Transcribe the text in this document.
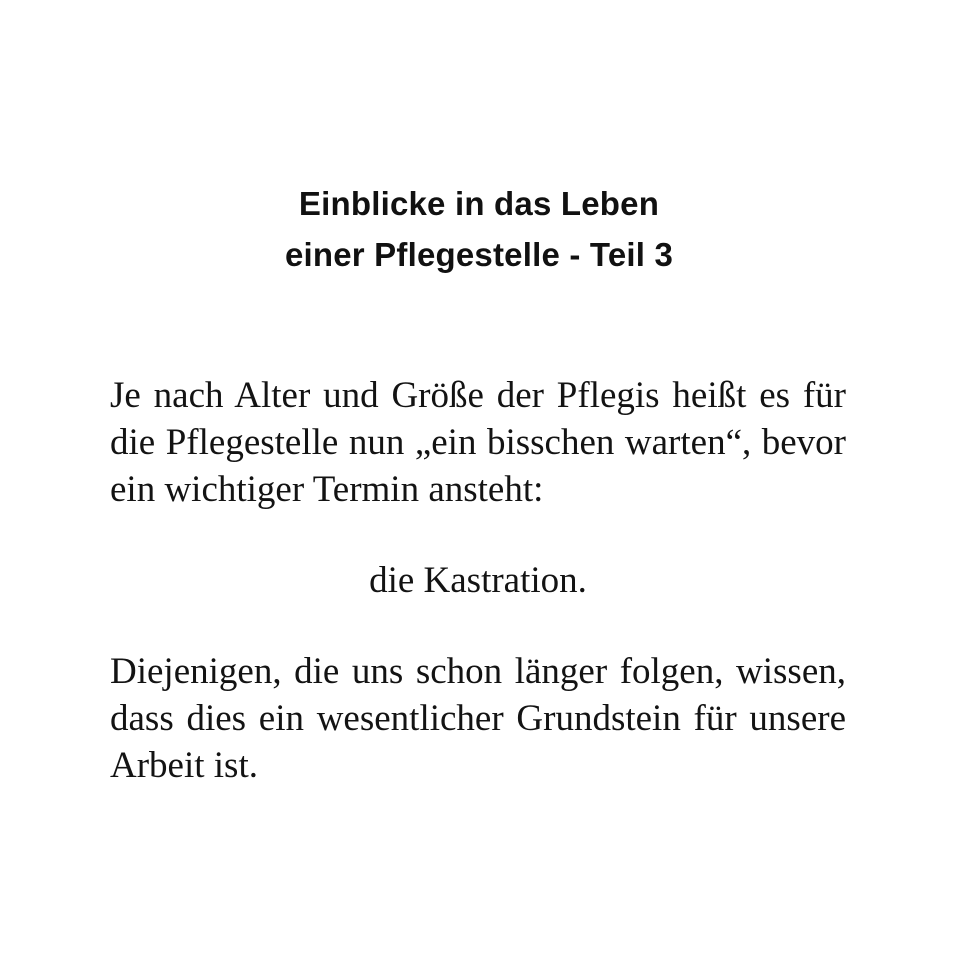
Einblicke in das Leben
einer Pflegestelle - Teil 3

Je nach Alter und Größe der Pflegis heißt es für die Pflegestelle nun „ein bisschen warten“, bevor ein wichtiger Termin ansteht:

die Kastration.

Diejenigen, die uns schon länger folgen, wissen, dass dies ein wesentlicher Grundstein für unsere Arbeit ist.
